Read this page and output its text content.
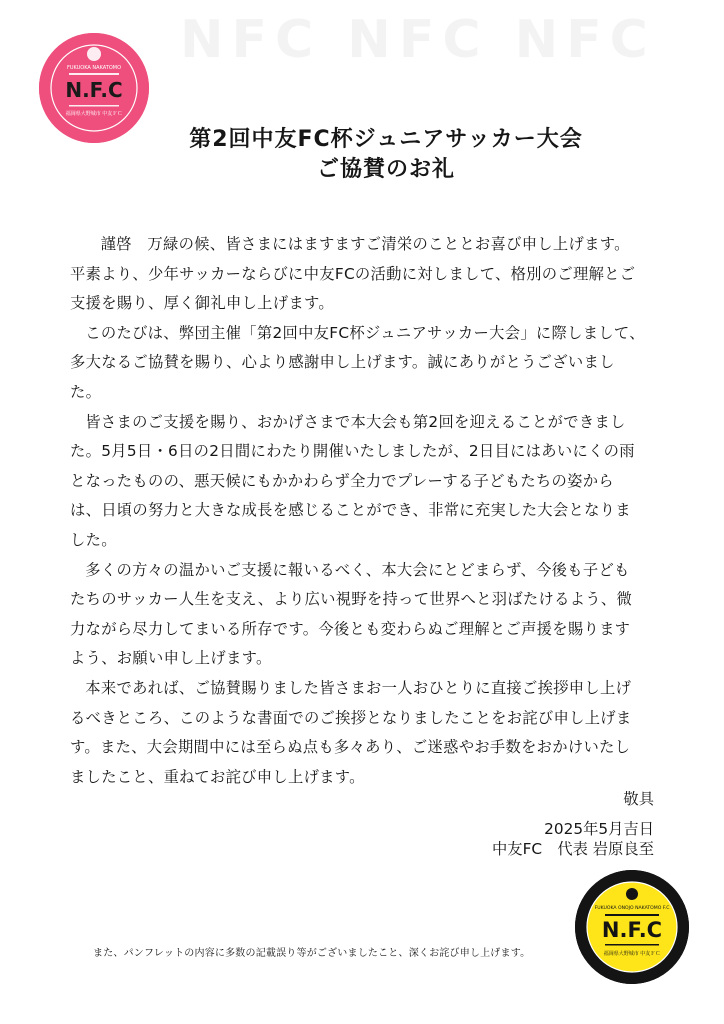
NFC NFC NFC
N.F.C
FUKUOKA NAKATOMO
福岡県大野城市 中友ＦＣ
第2回中友FC杯ジュニアサッカー大会
ご協賛のお礼

謹啓　万緑の候、皆さまにはますますご清栄のこととお喜び申し上げます。平素より、少年サッカーならびに中友FCの活動に対しまして、格別のご理解とご支援を賜り、厚く御礼申し上げます。

このたびは、弊団主催「第2回中友FC杯ジュニアサッカー大会」に際しまして、多大なるご協賛を賜り、心より感謝申し上げます。誠にありがとうございました。

皆さまのご支援を賜り、おかげさまで本大会も第2回を迎えることができました。5月5日・6日の2日間にわたり開催いたしましたが、2日目にはあいにくの雨となったものの、悪天候にもかかわらず全力でプレーする子どもたちの姿からは、日頃の努力と大きな成長を感じることができ、非常に充実した大会となりました。

多くの方々の温かいご支援に報いるべく、本大会にとどまらず、今後も子どもたちのサッカー人生を支え、より広い視野を持って世界へと羽ばたけるよう、微力ながら尽力してまいる所存です。今後とも変わらぬご理解とご声援を賜りますよう、お願い申し上げます。

本来であれば、ご協賛賜りました皆さまお一人おひとりに直接ご挨拶申し上げるべきところ、このような書面でのご挨拶となりましたことをお詫び申し上げます。また、大会期間中には至らぬ点も多々あり、ご迷惑やお手数をおかけいたしましたこと、重ねてお詫び申し上げます。

敬具
2025年5月吉日
中友FC　代表 岩原良至
また、パンフレットの内容に多数の記載誤り等がございましたこと、深くお詫び申し上げます。
N.F.C
FUKUOKA ONOJO NAKATOMO F.C
福岡県大野城市 中友ＦＣ
